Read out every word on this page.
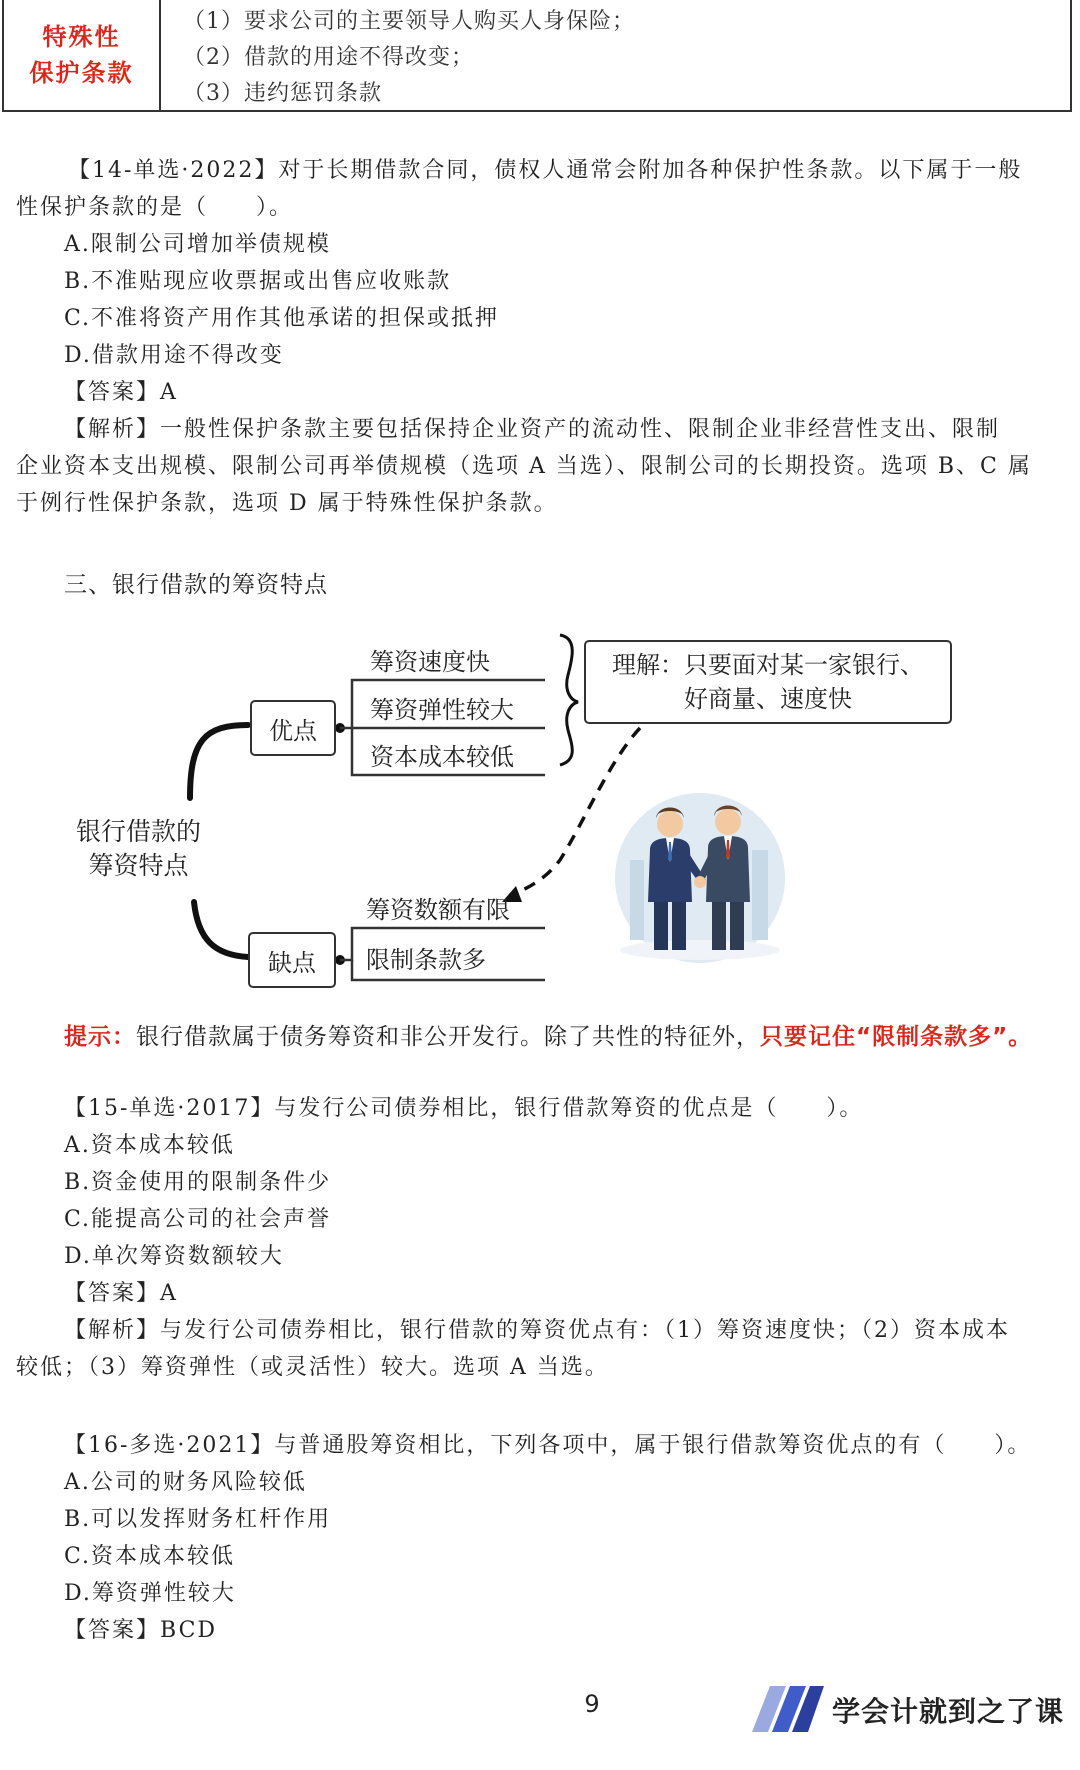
特殊性
保护条款
（1）要求公司的主要领导人购买人身保险；
（2）借款的用途不得改变；
（3）违约惩罚条款
【14-单选·2022】对于长期借款合同，债权人通常会附加各种保护性条款。以下属于一般
性保护条款的是（　　）。
A.限制公司增加举债规模
B.不准贴现应收票据或出售应收账款
C.不准将资产用作其他承诺的担保或抵押
D.借款用途不得改变
【答案】A
【解析】一般性保护条款主要包括保持企业资产的流动性、限制企业非经营性支出、限制
企业资本支出规模、限制公司再举债规模（选项 A 当选）、限制公司的长期投资。选项 B、C 属
于例行性保护条款，选项 D 属于特殊性保护条款。
三、银行借款的筹资特点
银行借款的
筹资特点
优点
筹资速度快
筹资弹性较大
资本成本较低
理解：只要面对某一家银行、
好商量、速度快
缺点
筹资数额有限
限制条款多
提示：银行借款属于债务筹资和非公开发行。除了共性的特征外，只要记住“限制条款多”。
【15-单选·2017】与发行公司债券相比，银行借款筹资的优点是（　　）。
A.资本成本较低
B.资金使用的限制条件少
C.能提高公司的社会声誉
D.单次筹资数额较大
【答案】A
【解析】与发行公司债券相比，银行借款的筹资优点有：（1）筹资速度快；（2）资本成本
较低；（3）筹资弹性（或灵活性）较大。选项 A 当选。
【16-多选·2021】与普通股筹资相比，下列各项中，属于银行借款筹资优点的有（　　）。
A.公司的财务风险较低
B.可以发挥财务杠杆作用
C.资本成本较低
D.筹资弹性较大
【答案】BCD
9	学会计就到之了课
